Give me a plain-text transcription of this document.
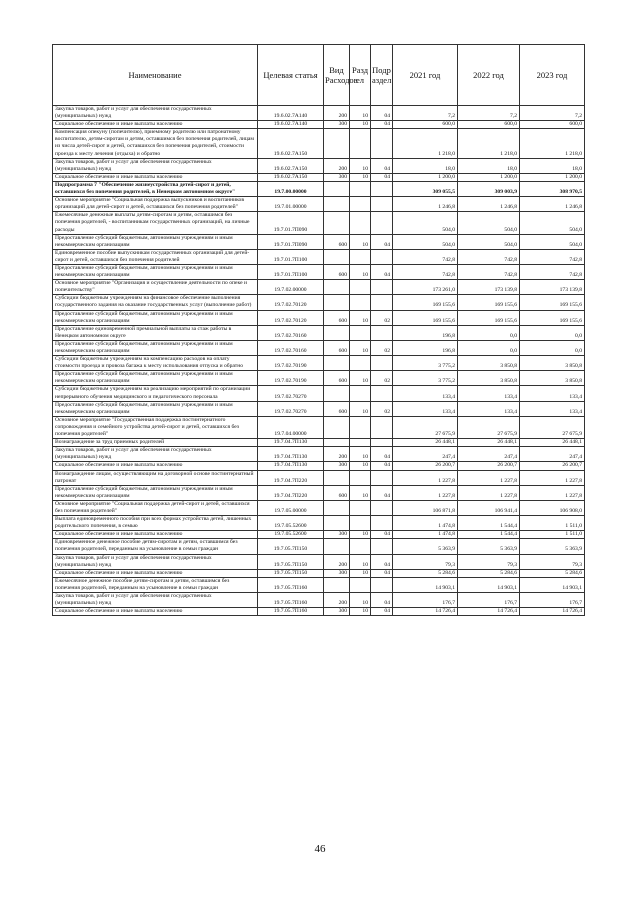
Наименование	Целевая статья	Вид Расходов	Разд ел	Подр аздел	2021 год	2022 год	2023 год
Закупка товаров, работ и услуг для обеспечения государственных (муниципальных) нужд	19.6.02.7А140	200	10	04	7,2	7,2	7,2
Социальное обеспечение и иные выплаты населению	19.6.02.7А140	300	10	04	600,0	600,0	600,0
Компенсация опекуну (попечителю), приемному родителю или патронатному воспитателю, детям-сиротам и детям, оставшимся без попечения родителей, лицам из числа детей-сирот и детей, оставшихся без попечения родителей, стоимости проезда к месту лечения (отдыха) и обратно	19.6.02.7А150				1 218,0	1 218,0	1 218,0
Закупка товаров, работ и услуг для обеспечения государственных (муниципальных) нужд	19.6.02.7А150	200	10	04	18,0	18,0	18,0
Социальное обеспечение и иные выплаты населению	19.6.02.7А150	300	10	04	1 200,0	1 200,0	1 200,0
Подпрограмма 7 "Обеспечение жизнеустройства детей-сирот и детей, оставшихся без попечения родителей, в Ненецком автономном округе"	19.7.00.00000				309 055,5	309 003,9	308 970,5
Основное мероприятие "Социальная поддержка выпускников и воспитанников организаций для детей-сирот и детей, оставшихся без попечения родителей"	19.7.01.00000				1 246,8	1 246,8	1 246,8
Ежемесячные денежные выплаты детям-сиротам и детям, оставшимся без попечения родителей, - воспитанникам государственных организаций, на личные расходы	19.7.01.7П090				504,0	504,0	504,0
Предоставление субсидий бюджетным, автономным учреждениям и иным некоммерческим организациям	19.7.01.7П090	600	10	04	504,0	504,0	504,0
Единовременное пособие выпускникам государственных организаций для детей-сирот и детей, оставшихся без попечения родителей	19.7.01.7П100				742,8	742,8	742,8
Предоставление субсидий бюджетным, автономным учреждениям и иным некоммерческим организациям	19.7.01.7П100	600	10	04	742,8	742,8	742,8
Основное мероприятие "Организация и осуществление деятельности по опеке и попечительству"	19.7.02.00000				173 261,0	173 139,8	173 139,8
Субсидии бюджетным учреждениям на финансовое обеспечение выполнения государственного задания на оказание государственных услуг (выполнение работ)	19.7.02.70120				169 155,6	169 155,6	169 155,6
Предоставление субсидий бюджетным, автономным учреждениям и иным некоммерческим организациям	19.7.02.70120	600	10	02	169 155,6	169 155,6	169 155,6
Предоставление единовременной премиальной выплаты за стаж работы в Ненецком автономном округе	19.7.02.70160				196,8	0,0	0,0
Предоставление субсидий бюджетным, автономным учреждениям и иным некоммерческим организациям	19.7.02.70160	600	10	02	196,8	0,0	0,0
Субсидии бюджетным учреждениям на компенсацию расходов на оплату стоимости проезда и провоза багажа к месту использования отпуска и обратно	19.7.02.70190				3 775,2	3 850,8	3 850,8
Предоставление субсидий бюджетным, автономным учреждениям и иным некоммерческим организациям	19.7.02.70190	600	10	02	3 775,2	3 850,8	3 850,8
Субсидии бюджетным учреждениям на реализацию мероприятий по организации непрерывного обучения медицинского и педагогического персонала	19.7.02.70270				133,4	133,4	133,4
Предоставление субсидий бюджетным, автономным учреждениям и иным некоммерческим организациям	19.7.02.70270	600	10	02	133,4	133,4	133,4
Основное мероприятие "Государственная поддержка постинтернатного сопровождения и семейного устройства детей-сирот и детей, оставшихся без попечения родителей"	19.7.04.00000				27 675,9	27 675,9	27 675,9
Вознаграждение за труд приемных родителей	19.7.04.7П130				26 448,1	26 448,1	26 448,1
Закупка товаров, работ и услуг для обеспечения государственных (муниципальных) нужд	19.7.04.7П130	200	10	04	247,4	247,4	247,4
Социальное обеспечение и иные выплаты населению	19.7.04.7П130	300	10	04	26 200,7	26 200,7	26 200,7
Вознаграждение лицам, осуществляющим на договорной основе постинтернатный патронат	19.7.04.7П220				1 227,8	1 227,8	1 227,8
Предоставление субсидий бюджетным, автономным учреждениям и иным некоммерческим организациям	19.7.04.7П220	600	10	04	1 227,8	1 227,8	1 227,8
Основное мероприятие "Социальная поддержка детей-сирот и детей, оставшихся без попечения родителей"	19.7.05.00000				106 871,8	106 941,4	106 908,0
Выплата единовременного пособия при всех формах устройства детей, лишенных родительского попечения, в семью	19.7.05.52600				1 474,8	1 544,4	1 511,0
Социальное обеспечение и иные выплаты населению	19.7.05.52600	300	10	04	1 474,8	1 544,4	1 511,0
Единовременное денежное пособие детям-сиротам и детям, оставшимся без попечения родителей, переданным на усыновление в семьи граждан	19.7.05.7П150				5 363,9	5 363,9	5 363,9
Закупка товаров, работ и услуг для обеспечения государственных (муниципальных) нужд	19.7.05.7П150	200	10	04	79,3	79,3	79,3
Социальное обеспечение и иные выплаты населению	19.7.05.7П150	300	10	04	5 284,6	5 284,6	5 284,6
Ежемесячное денежное пособие детям-сиротам и детям, оставшимся без попечения родителей, переданным на усыновление в семьи граждан	19.7.05.7П160				14 903,1	14 903,1	14 903,1
Закупка товаров, работ и услуг для обеспечения государственных (муниципальных) нужд	19.7.05.7П160	200	10	04	176,7	176,7	176,7
Социальное обеспечение и иные выплаты населению	19.7.05.7П160	300	10	04	14 726,4	14 726,4	14 726,4
46
